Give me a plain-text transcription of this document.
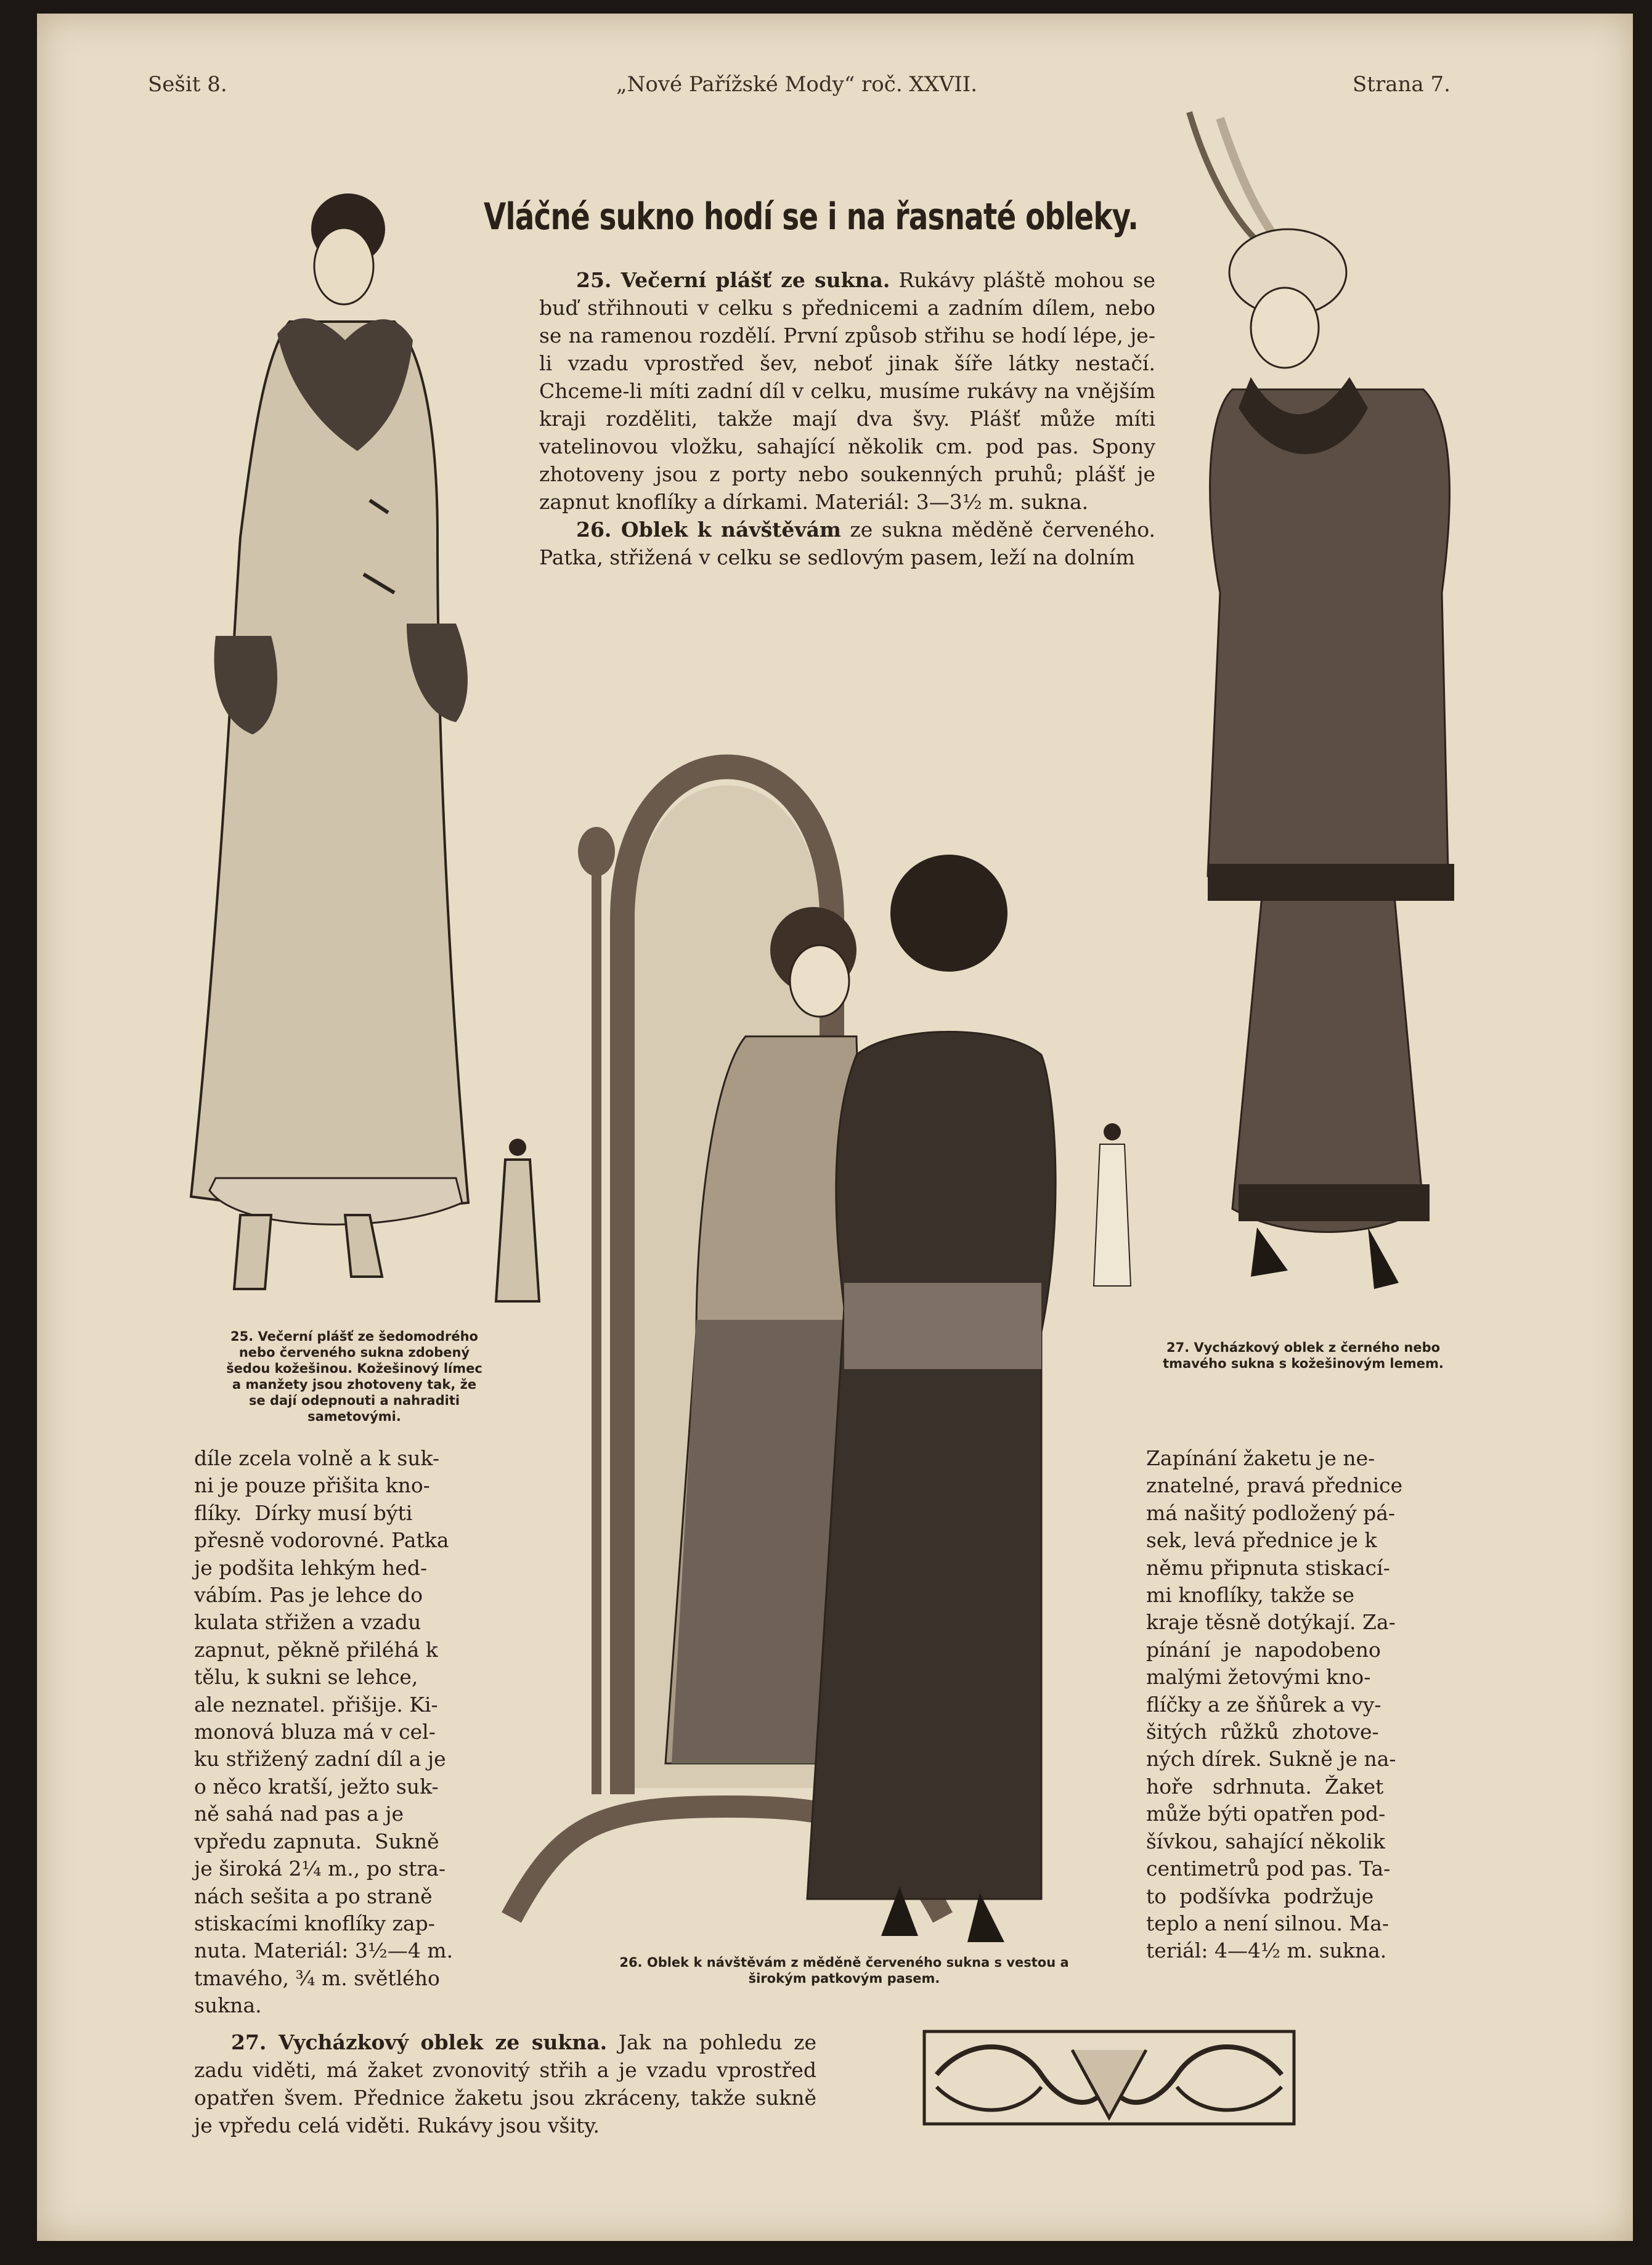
Sešit 8.	„Nové Pařížské Mody“ roč. XXVII.	Strana 7.
Vláčné sukno hodí se i na řasnaté obleky.
25. Večerní plášť ze sukna. Rukávy pláště mohou se buď střihnouti v celku s přednicemi a zadním dílem, nebo se na ramenou rozdělí. První způsob střihu se hodí lépe, je-li vzadu vprostřed šev, neboť jinak šíře látky nestačí. Chceme-li míti zadní díl v celku, musíme rukávy na vnějším kraji rozděliti, takže mají dva švy. Plášť může míti vatelinovou vložku, sahající několik cm. pod pas. Spony zhotoveny jsou z porty nebo soukenných pruhů; plášť je zapnut knoflíky a dírkami. Materiál: 3—3½ m. sukna.
26. Oblek k návštěvám ze sukna měděně červeného. Patka, střižená v celku se sedlovým pasem, leží na dolním
25. Večerní plášť ze šedomodrého nebo červeného sukna zdobený šedou kožešinou. Kožešinový límec a manžety jsou zhotoveny tak, že se dají odepnouti a nahraditi sametovými.
26. Oblek k návštěvám z měděně červeného sukna s vestou a širokým patkovým pasem.
27. Vycházkový oblek z černého nebo tmavého sukna s kožešinovým lemem.
díle zcela volně a k suk-
ni je pouze přišita kno-
flíky.  Dírky musí býti
přesně vodorovné. Patka
je podšita lehkým hed-
vábím. Pas je lehce do
kulata střižen a vzadu
zapnut, pěkně přiléhá k
tělu, k sukni se lehce,
ale neznatel. přišije. Ki-
monová bluza má v cel-
ku střižený zadní díl a je
o něco kratší, ježto suk-
ně sahá nad pas a je
vpředu zapnuta.  Sukně
je široká 2¼ m., po stra-
nách sešita a po straně
stiskacími knoflíky zap-
nuta. Materiál: 3½—4 m.
tmavého, ¾ m. světlého
sukna.
Zapínání žaketu je ne-
znatelné, pravá přednice
má našitý podložený pá-
sek, levá přednice je k
němu připnuta stiskací-
mi knoflíky, takže se
kraje těsně dotýkají. Za-
pínání  je  napodobeno
malými žetovými kno-
flíčky a ze šňůrek a vy-
šitých  růžků  zhotove-
ných dírek. Sukně je na-
hoře   sdrhnuta.  Žaket
může býti opatřen pod-
šívkou, sahající několik
centimetrů pod pas. Ta-
to  podšívka  podržuje
teplo a není silnou. Ma-
teriál: 4—4½ m. sukna.
27. Vycházkový oblek ze sukna. Jak na pohledu ze zadu viděti, má žaket zvonovitý střih a je vzadu vprostřed opatřen švem. Přednice žaketu jsou zkráceny, takže sukně je vpředu celá viděti. Rukávy jsou všity.
